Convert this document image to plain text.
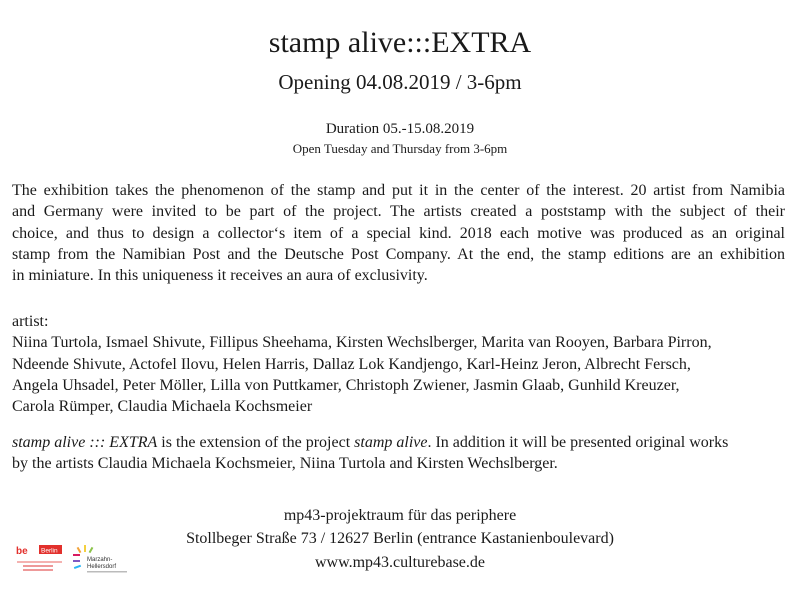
stamp alive:::EXTRA
Opening 04.08.2019 / 3-6pm
Duration 05.-15.08.2019
Open Tuesday and Thursday from 3-6pm
The exhibition takes the phenomenon of the stamp and put it in the center of the interest. 20 artist from Namibia
and Germany were invited to be part of the project. The artists created a poststamp with the subject of their
choice, and thus to design a collector‘s item of a special kind. 2018 each motive was produced as an original
stamp from the Namibian Post and the Deutsche Post Company. At the end, the stamp editions are an exhibition
in miniature. In this uniqueness it receives an aura of exclusivity.
artist:
Niina Turtola, Ismael Shivute, Fillipus Sheehama, Kirsten Wechslberger, Marita van Rooyen, Barbara Pirron,
Ndeende Shivute, Actofel Ilovu, Helen Harris, Dallaz Lok Kandjengo, Karl-Heinz Jeron, Albrecht Fersch,
Angela Uhsadel, Peter Möller, Lilla von Puttkamer, Christoph Zwiener, Jasmin Glaab, Gunhild Kreuzer,
Carola Rümper, Claudia Michaela Kochsmeier
stamp alive ::: EXTRA is the extension of the project stamp alive. In addition it will be presented original works
by the artists Claudia Michaela Kochsmeier, Niina Turtola and Kirsten Wechslberger.
mp43-projektraum für das periphere
Stollbeger Straße 73 / 12627 Berlin (entrance Kastanienboulevard)
www.mp43.culturebase.de
be Berlin
Marzahn-
Hellersdorf
